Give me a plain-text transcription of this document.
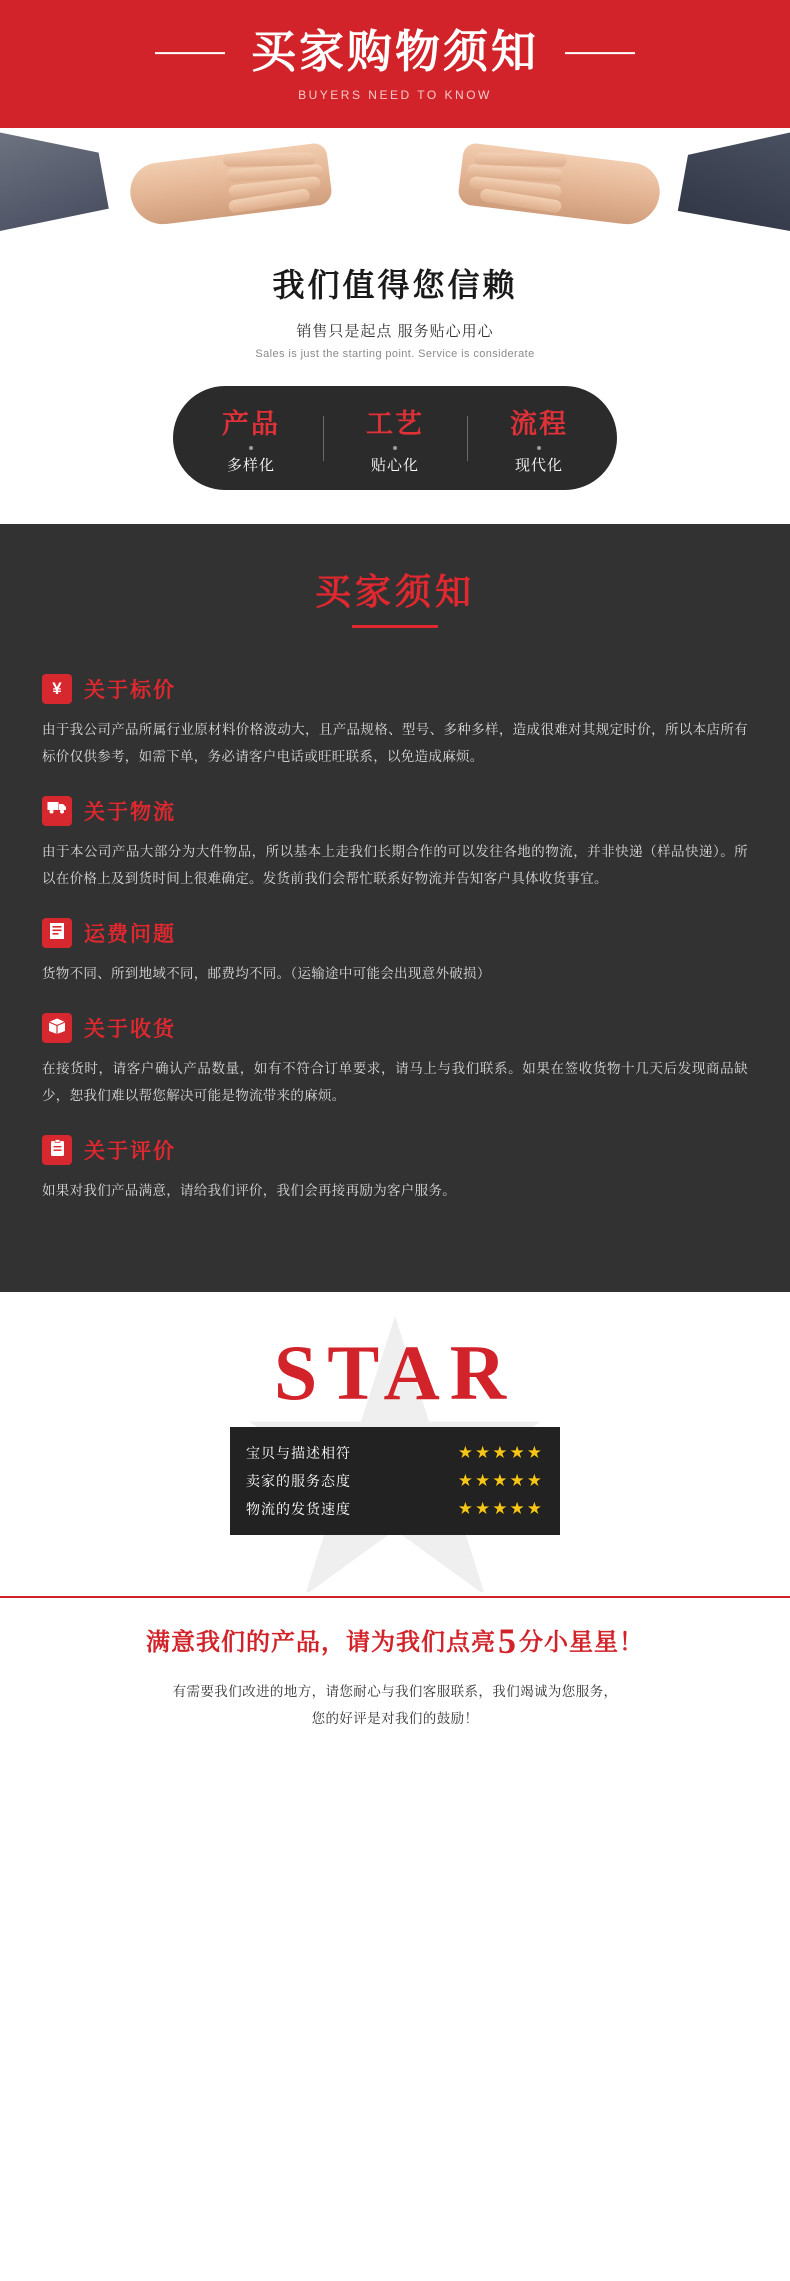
买家购物须知
BUYERS NEED TO KNOW
我们值得您信赖
销售只是起点 服务贴心用心
Sales is just the starting point. Service is considerate
产品
多样化
工艺
贴心化
流程
现代化
买家须知
¥	关于标价
由于我公司产品所属行业原材料价格波动大，且产品规格、型号、多种多样，造成很难对其规定时价，所以本店所有标价仅供参考，如需下单，务必请客户电话或旺旺联系，以免造成麻烦。
关于物流
由于本公司产品大部分为大件物品，所以基本上走我们长期合作的可以发往各地的物流，并非快递（样品快递）。所以在价格上及到货时间上很难确定。发货前我们会帮忙联系好物流并告知客户具体收货事宜。
运费问题
货物不同、所到地域不同，邮费均不同。（运输途中可能会出现意外破损）
关于收货
在接货时，请客户确认产品数量，如有不符合订单要求，请马上与我们联系。如果在签收货物十几天后发现商品缺少，恕我们难以帮您解决可能是物流带来的麻烦。
关于评价
如果对我们产品满意，请给我们评价，我们会再接再励为客户服务。
STAR
宝贝与描述相符	★★★★★
卖家的服务态度	★★★★★
物流的发货速度	★★★★★
满意我们的产品，请为我们点亮5分小星星！
有需要我们改进的地方，请您耐心与我们客服联系，我们竭诚为您服务，
您的好评是对我们的鼓励！
